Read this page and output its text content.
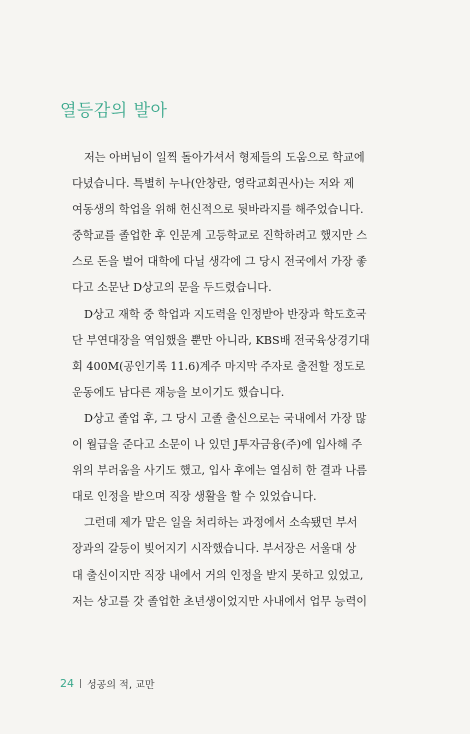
열등감의 발아
저는 아버님이 일찍 돌아가셔서 형제들의 도움으로 학교에
다녔습니다. 특별히 누나(안창란, 영락교회권사)는 저와 제
여동생의 학업을 위해 헌신적으로 뒷바라지를 해주었습니다.
중학교를 졸업한 후 인문계 고등학교로 진학하려고 했지만 스
스로 돈을 벌어 대학에 다닐 생각에 그 당시 전국에서 가장 좋
다고 소문난 D상고의 문을 두드렸습니다.
D상고 재학 중 학업과 지도력을 인정받아 반장과 학도호국
단 부연대장을 역임했을 뿐만 아니라, KBS배 전국육상경기대
회 400M(공인기록 11.6)계주 마지막 주자로 출전할 정도로
운동에도 남다른 재능을 보이기도 했습니다.
D상고 졸업 후, 그 당시 고졸 출신으로는 국내에서 가장 많
이 월급을 준다고 소문이 나 있던 J투자금융(주)에 입사해 주
위의 부러움을 사기도 했고, 입사 후에는 열심히 한 결과 나름
대로 인정을 받으며 직장 생활을 할 수 있었습니다.
그런데 제가 맡은 일을 처리하는 과정에서 소속됐던 부서
장과의 갈등이 빚어지기 시작했습니다. 부서장은 서울대 상
대 출신이지만 직장 내에서 거의 인정을 받지 못하고 있었고,
저는 상고를 갓 졸업한 초년생이었지만 사내에서 업무 능력이
24 성공의 적, 교만
